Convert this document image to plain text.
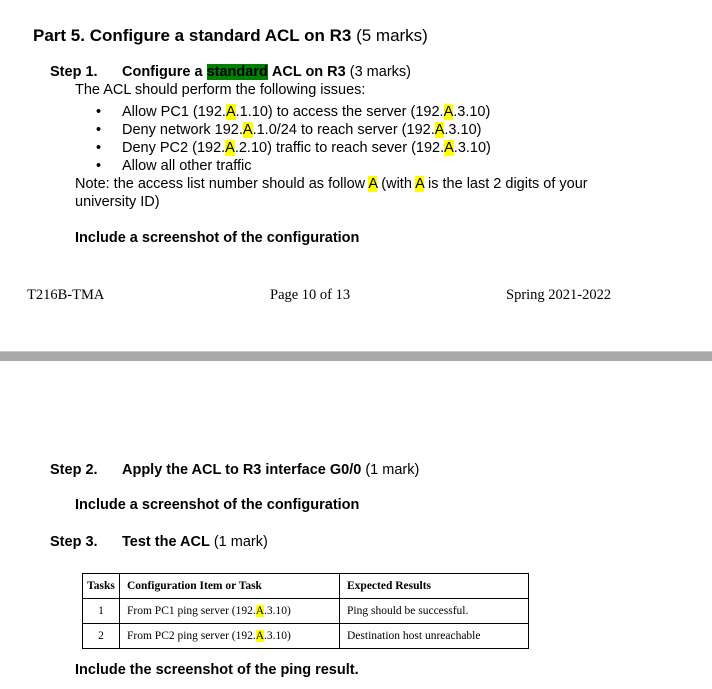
Part 5. Configure a standard ACL on R3 (5 marks)
Step 1. Configure a standard ACL on R3 (3 marks)
The ACL should perform the following issues:
• Allow PC1 (192.A.1.10) to access the server (192.A.3.10)
• Deny network 192.A.1.0/24 to reach server (192.A.3.10)
• Deny PC2 (192.A.2.10) traffic to reach sever (192.A.3.10)
• Allow all other traffic
Note: the access list number should as follow A (with A is the last 2 digits of your
university ID)
Include a screenshot of the configuration
T216B-TMA	Page 10 of 13	Spring 2021-2022
Step 2. Apply the ACL to R3 interface G0/0 (1 mark)
Include a screenshot of the configuration
Step 3. Test the ACL (1 mark)
Tasks	Configuration Item or Task	Expected Results
1	From PC1 ping server (192.A.3.10)	Ping should be successful.
2	From PC2 ping server (192.A.3.10)	Destination host unreachable
Include the screenshot of the ping result.
